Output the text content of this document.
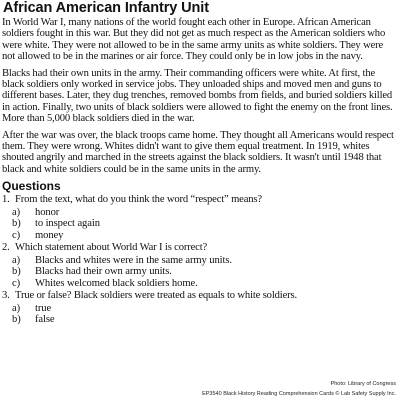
African American Infantry Unit

In World War I, many nations of the world fought each other in Europe. African American soldiers fought in this war. But they did not get as much respect as the American soldiers who were white. They were not allowed to be in the same army units as white soldiers. They were not allowed to be in the marines or air force. They could only be in low jobs in the navy.

Blacks had their own units in the army. Their commanding officers were white. At first, the black soldiers only worked in service jobs. They unloaded ships and moved men and guns to different bases. Later, they dug trenches, removed bombs from fields, and buried soldiers killed in action. Finally, two units of black soldiers were allowed to fight the enemy on the front lines. More than 5,000 black soldiers died in the war.

After the war was over, the black troops came home. They thought all Americans would respect them. They were wrong. Whites didn't want to give them equal treatment. In 1919, whites shouted angrily and marched in the streets against the black soldiers. It wasn't until 1948 that black and white soldiers could be in the same units in the army.

Questions
1. From the text, what do you think the word “respect” means?
a)	honor
b)	to inspect again
c)	money
2. Which statement about World War I is correct?
a)	Blacks and whites were in the same army units.
b)	Blacks had their own army units.
c)	Whites welcomed black soldiers home.
3. True or false? Black soldiers were treated as equals to white soldiers.
a)	true
b)	false
Photo: Library of Congress
EP3540 Black History Reading Comprehension Cards © Lab Safety Supply Inc.
